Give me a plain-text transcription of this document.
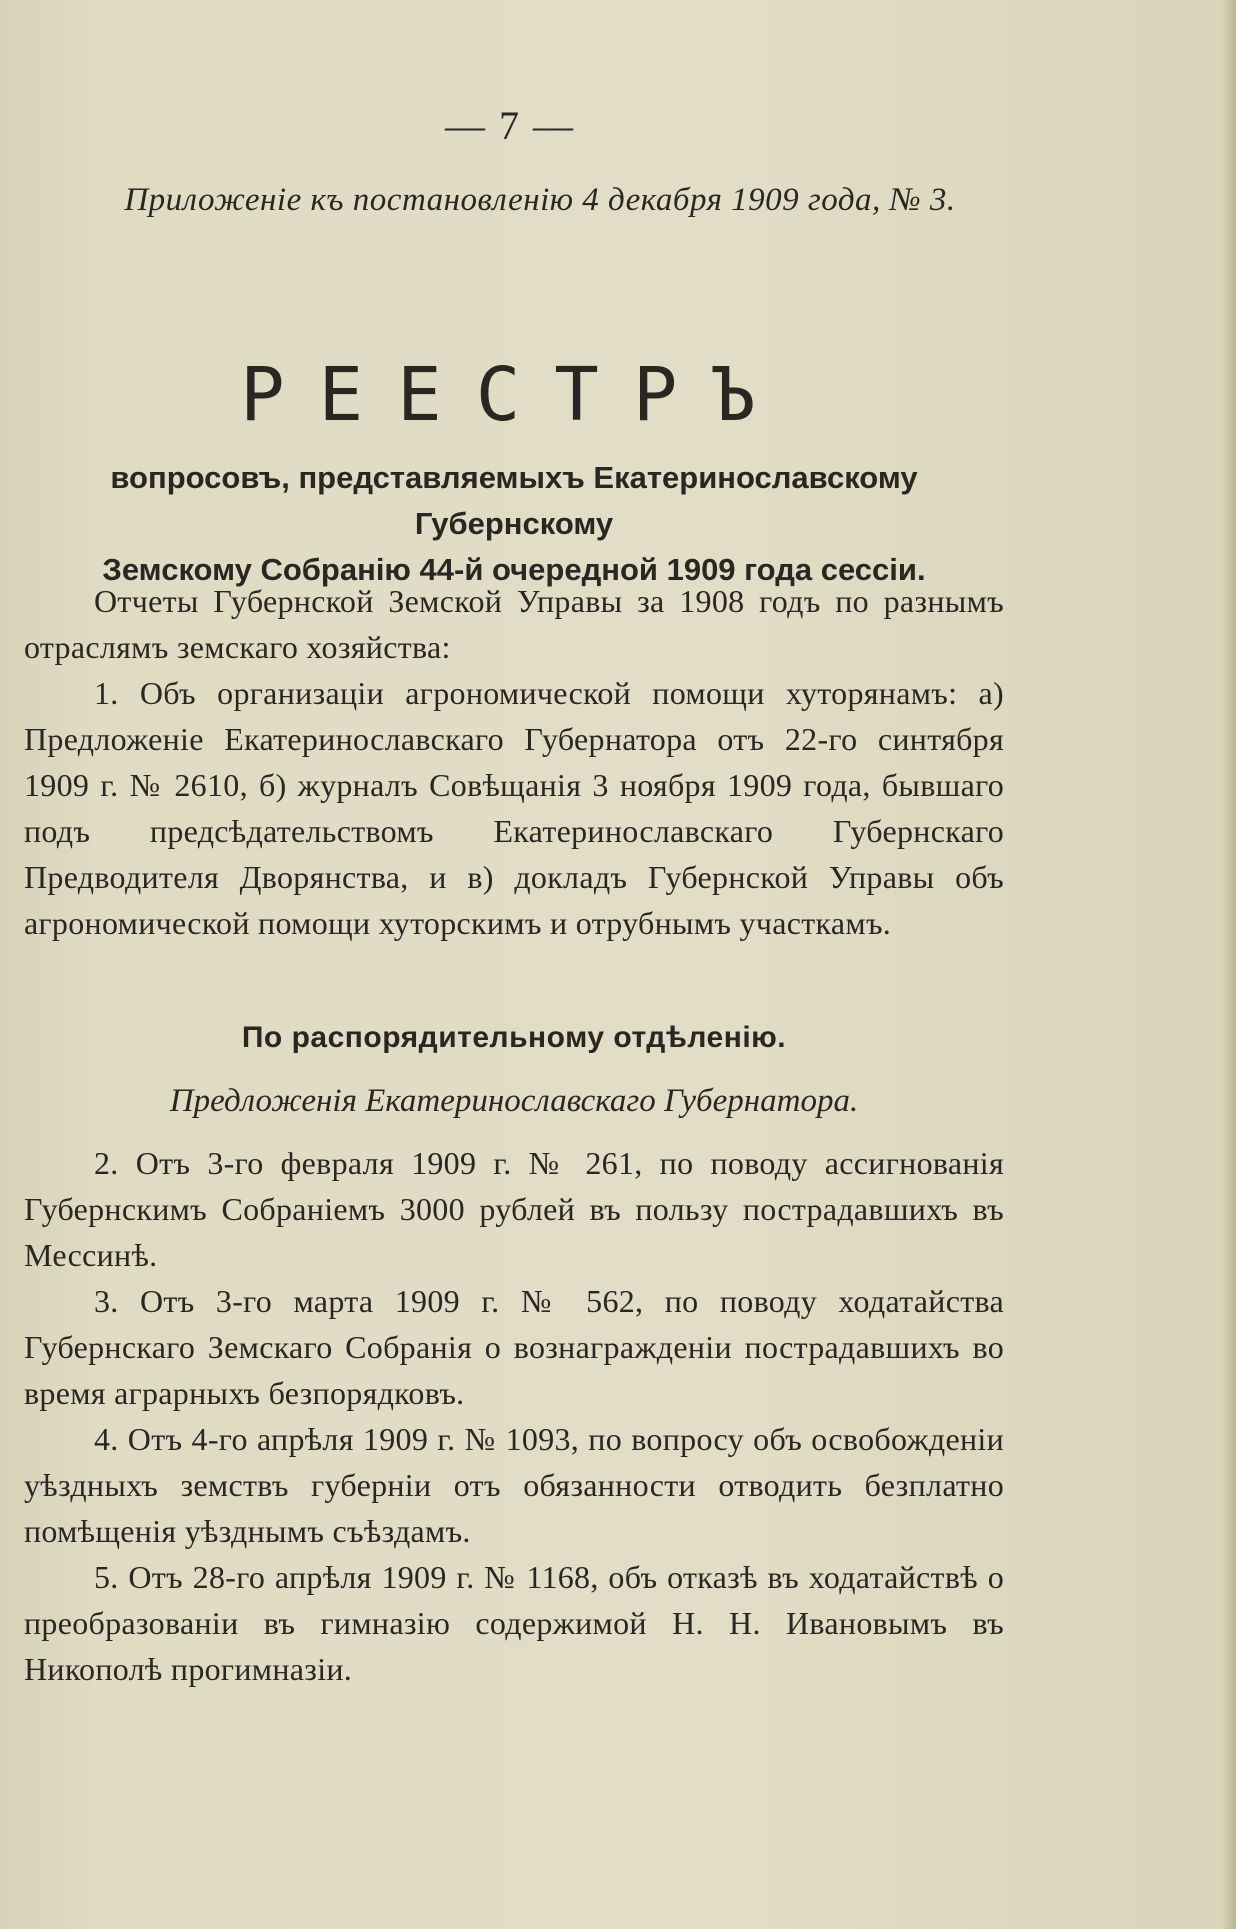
— 7 —
Приложеніе къ постановленію 4 декабря 1909 года, № 3.
РЕЕСТРЪ
вопросовъ, представляемыхъ Екатеринославскому Губернскому
Земскому Собранію 44-й очередной 1909 года сессіи.

Отчеты Губернской Земской Управы за 1908 годъ по разнымъ отраслямъ земскаго хозяйства:

1. Объ организаціи агрономической помощи хуторянамъ: а) Предложеніе Екатеринославскаго Губернатора отъ 22-го синтября 1909 г. № 2610, б) журналъ Совѣщанія 3 ноября 1909 года, бывшаго подъ предсѣдательствомъ Екатеринославскаго Губернскаго Предводителя Дворянства, и в) докладъ Губернской Управы объ агрономической помощи хуторскимъ и отрубнымъ участкамъ.

По распорядительному отдѣленію.
Предложенія Екатеринославскаго Губернатора.

2. Отъ 3-го февраля 1909 г. № 261, по поводу ассигнованія Губернскимъ Собраніемъ 3000 рублей въ пользу пострадавшихъ въ Мессинѣ.

3. Отъ 3-го марта 1909 г. № 562, по поводу ходатайства Губернскаго Земскаго Собранія о вознагражденіи пострадавшихъ во время аграрныхъ безпорядковъ.

4. Отъ 4-го апрѣля 1909 г. № 1093, по вопросу объ освобожденіи уѣздныхъ земствъ губерніи отъ обязанности отводить безплатно помѣщенія уѣзднымъ съѣздамъ.

5. Отъ 28-го апрѣля 1909 г. № 1168, объ отказѣ въ ходатайствѣ о преобразованіи въ гимназію содержимой Н. Н. Ивановымъ въ Никополѣ прогимназіи.
